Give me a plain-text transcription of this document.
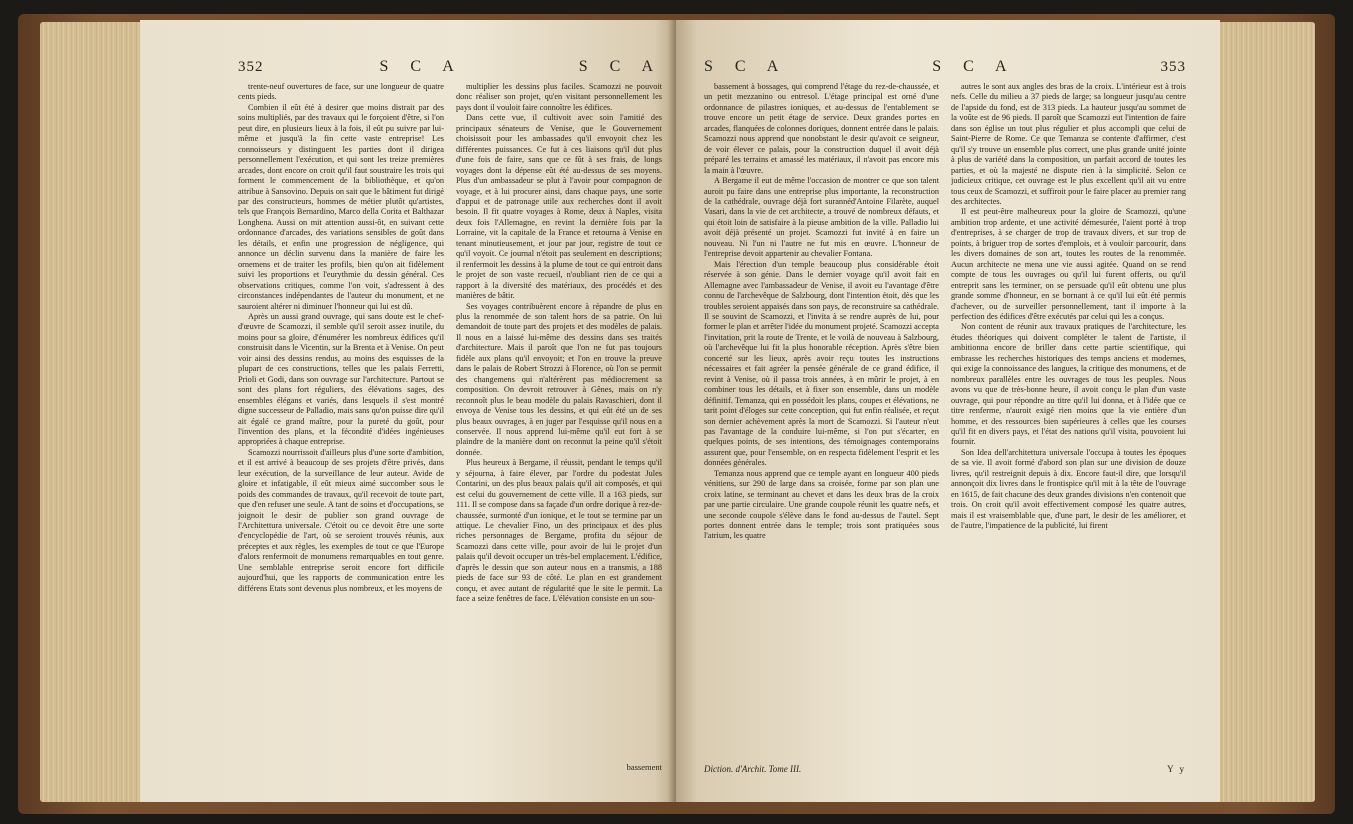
352	S C A	S C A

trente-neuf ouvertures de face, sur une longueur de quatre cents pieds.

Combien il eût été à desirer que moins distrait par des soins multipliés, par des travaux qui le forçoient d'être, si l'on peut dire, en plusieurs lieux à la fois, il eût pu suivre par lui-même et jusqu'à la fin cette vaste entreprise! Les connoisseurs y distinguent les parties dont il dirigea personnellement l'exécution, et qui sont les treize premières arcades, dont encore on croit qu'il faut soustraire les trois qui forment le commencement de la bibliothèque, et qu'on attribue à Sansovino. Depuis on sait que le bâtiment fut dirigé par des constructeurs, hommes de métier plutôt qu'artistes, tels que François Bernardino, Marco della Corita et Balthazar Longhena. Aussi on mit attention aussi-ôt, en suivant cette ordonnance d'arcades, des variations sensibles de goût dans les détails, et enfin une progression de négligence, qui annonce un déclin survenu dans la manière de faire les ornemens et de traiter les profils, bien qu'on ait fidèlement suivi les proportions et l'eurythmie du dessin général. Ces observations critiques, comme l'on voit, s'adressent à des circonstances indépendantes de l'auteur du monument, et ne sauroient altérer ni diminuer l'honneur qui lui est dû.

Après un aussi grand ouvrage, qui sans doute est le chef-d'œuvre de Scamozzi, il semble qu'il seroit assez inutile, du moins pour sa gloire, d'énumérer les nombreux édifices qu'il construisit dans le Vicentin, sur la Brenta et à Venise. On peut voir ainsi des dessins rendus, au moins des esquisses de la plupart de ces constructions, telles que les palais Ferretti, Prioli et Godi, dans son ouvrage sur l'architecture. Partout se sont des plans fort réguliers, des élévations sages, des ensembles élégans et variés, dans lesquels il s'est montré digne successeur de Palladio, mais sans qu'on puisse dire qu'il ait égalé ce grand maître, pour la pureté du goût, pour l'invention des plans, et la fécondité d'idées ingénieuses appropriées à chaque entreprise.

Scamozzi nourrissoit d'ailleurs plus d'une sorte d'ambition, et il est arrivé à beaucoup de ses projets d'être privés, dans leur exécution, de la surveillance de leur auteur. Avide de gloire et infatigable, il eût mieux aimé succomber sous le poids des commandes de travaux, qu'il recevoit de toute part, que d'en refuser une seule. A tant de soins et d'occupations, se joignoit le desir de publier son grand ouvrage de l'Architettura universale. C'étoit ou ce devoit être une sorte d'encyclopédie de l'art, où se seroient trouvés réunis, aux préceptes et aux règles, les exemples de tout ce que l'Europe d'alors renfermoit de monumens remarquables en tout genre. Une semblable entreprise seroit encore fort difficile aujourd'hui, que les rapports de communication entre les différens Etats sont devenus plus nombreux, et les moyens de

multiplier les dessins plus faciles. Scamozzi ne pouvoit donc réaliser son projet, qu'en visitant personnellement les pays dont il vouloit faire connoître les édifices.

Dans cette vue, il cultivoit avec soin l'amitié des principaux sénateurs de Venise, que le Gouvernement choisissoit pour les ambassades qu'il envoyoit chez les différentes puissances. Ce fut à ces liaisons qu'il dut plus d'une fois de faire, sans que ce fût à ses frais, de longs voyages dont la dépense eût été au-dessus de ses moyens. Plus d'un ambassadeur se plut à l'avoir pour compagnon de voyage, et à lui procurer ainsi, dans chaque pays, une sorte d'appui et de patronage utile aux recherches dont il avoit besoin. Il fit quatre voyages à Rome, deux à Naples, visita deux fois l'Allemagne, en revint la dernière fois par la Lorraine, vit la capitale de la France et retourna à Venise en tenant minutieusement, et jour par jour, registre de tout ce qu'il voyoit. Ce journal n'étoit pas seulement en descriptions; il renfermoit les dessins à la plume de tout ce qui entroit dans le projet de son vaste recueil, n'oubliant rien de ce qui a rapport à la diversité des matériaux, des procédés et des manières de bâtir.

Ses voyages contribuèrent encore à répandre de plus en plus la renommée de son talent hors de sa patrie. On lui demandoit de toute part des projets et des modèles de palais. Il nous en a laissé lui-même des dessins dans ses traités d'architecture. Mais il paroît que l'on ne fut pas toujours fidèle aux plans qu'il envoyoit; et l'on en trouve la preuve dans le palais de Robert Strozzi à Florence, où l'on se permit des changemens qui n'altérèrent pas médiocrement sa composition. On devroit retrouver à Gênes, mais on n'y reconnoît plus le beau modèle du palais Ravaschieri, dont il envoya de Venise tous les dessins, et qui eût été un de ses plus beaux ouvrages, à en juger par l'esquisse qu'il nous en a conservée. Il nous apprend lui-même qu'il eut fort à se plaindre de la manière dont on reconnut la peine qu'il s'étoit donnée.

Plus heureux à Bergame, il réussit, pendant le temps qu'il y séjourna, à faire élever, par l'ordre du podestat Jules Contarini, un des plus beaux palais qu'il ait composés, et qui est celui du gouvernement de cette ville. Il a 163 pieds, sur 111. Il se compose dans sa façade d'un ordre dorique à rez-de-chaussée, surmonté d'un ionique, et le tout se termine par un attique. Le chevalier Fino, un des principaux et des plus riches personnages de Bergame, profita du séjour de Scamozzi dans cette ville, pour avoir de lui le projet d'un palais qu'il devoit occuper un très-bel emplacement. L'édifice, d'après le dessin que son auteur nous en a transmis, a 188 pieds de face sur 93 de côté. Le plan en est grandement conçu, et avec autant de régularité que le site le permit. La face a seize fenêtres de face. L'élévation consiste en un sou-

bassement
S C A	S C A	353

bassement à bossages, qui comprend l'étage du rez-de-chaussée, et un petit mezzanino ou entresol. L'étage principal est orné d'une ordonnance de pilastres ioniques, et au-dessus de l'entablement se trouve encore un petit étage de service. Deux grandes portes en arcades, flanquées de colonnes doriques, donnent entrée dans le palais. Scamozzi nous apprend que nonobstant le desir qu'avoit ce seigneur, de voir élever ce palais, pour la construction duquel il avoit déjà préparé les terrains et amassé les matériaux, il n'avoit pas encore mis la main à l'œuvre.

A Bergame il eut de même l'occasion de montrer ce que son talent auroit pu faire dans une entreprise plus importante, la reconstruction de la cathédrale, ouvrage déjà fort surannéd'Antoine Filarète, auquel Vasari, dans la vie de cet architecte, a trouvé de nombreux défauts, et qui étoit loin de satisfaire à la pieuse ambition de la ville. Palladio lui avoit déjà présenté un projet. Scamozzi fut invité à en faire un nouveau. Ni l'un ni l'autre ne fut mis en œuvre. L'honneur de l'entreprise devoit appartenir au chevalier Fontana.

Mais l'érection d'un temple beaucoup plus considérable étoit réservée à son génie. Dans le dernier voyage qu'il avoit fait en Allemagne avec l'ambassadeur de Venise, il avoit eu l'avantage d'être connu de l'archevêque de Salzbourg, dont l'intention étoit, dès que les troubles seroient appaisés dans son pays, de reconstruire sa cathédrale. Il se souvint de Scamozzi, et l'invita à se rendre auprès de lui, pour former le plan et arrêter l'idée du monument projeté. Scamozzi accepta l'invitation, prit la route de Trente, et le voilà de nouveau à Salzbourg, où l'archevêque lui fit la plus honorable réception. Après s'être bien concerté sur les lieux, après avoir reçu toutes les instructions nécessaires et fait agréer la pensée générale de ce grand édifice, il revint à Venise, où il passa trois années, à en mûrir le projet, à en combiner tous les détails, et à fixer son ensemble, dans un modèle définitif. Temanza, qui en possédoit les plans, coupes et élévations, ne tarit point d'éloges sur cette conception, qui fut enfin réalisée, et reçut son dernier achèvement après la mort de Scamozzi. Si l'auteur n'eut pas l'avantage de la conduire lui-même, si l'on put s'écarter, en quelques points, de ses intentions, des témoignages contemporains assurent que, pour l'ensemble, on en respecta fidèlement l'esprit et les données générales.

Temanza nous apprend que ce temple ayant en longueur 400 pieds vénitiens, sur 290 de large dans sa croisée, forme par son plan une croix latine, se terminant au chevet et dans les deux bras de la croix par une partie circulaire. Une grande coupole réunit les quatre nefs, et une seconde coupole s'élève dans le fond au-dessus de l'autel. Sept portes donnent entrée dans le temple; trois sont pratiquées sous l'atrium, les quatre

autres le sont aux angles des bras de la croix. L'intérieur est à trois nefs. Celle du milieu a 37 pieds de large; sa longueur jusqu'au centre de l'apside du fond, est de 313 pieds. La hauteur jusqu'au sommet de la voûte est de 96 pieds. Il paroît que Scamozzi eut l'intention de faire dans son église un tout plus régulier et plus accompli que celui de Saint-Pierre de Rome. Ce que Temanza se contente d'affirmer, c'est qu'il s'y trouve un ensemble plus correct, une plus grande unité jointe à plus de variété dans la composition, un parfait accord de toutes les parties, et où la majesté ne dispute rien à la simplicité. Selon ce judicieux critique, cet ouvrage est le plus excellent qu'il ait vu entre tous ceux de Scamozzi, et suffiroit pour le faire placer au premier rang des architectes.

Il est peut-être malheureux pour la gloire de Scamozzi, qu'une ambition trop ardente, et une activité démesurée, l'aient porté à trop d'entreprises, à se charger de trop de travaux divers, et sur trop de points, à briguer trop de sortes d'emplois, et à vouloir parcourir, dans les divers domaines de son art, toutes les routes de la renommée. Aucun architecte ne mena une vie aussi agitée. Quand on se rend compte de tous les ouvrages ou qu'il lui furent offerts, ou qu'il entreprit sans les terminer, on se persuade qu'il eût obtenu une plus grande somme d'honneur, en se bornant à ce qu'il lui eût été permis d'achever, ou de surveiller personnellement, tant il importe à la perfection des édifices d'être exécutés par celui qui les a conçus.

Non content de réunir aux travaux pratiques de l'architecture, les études théoriques qui doivent compléter le talent de l'artiste, il ambitionna encore de briller dans cette partie scientifique, qui embrasse les recherches historiques des temps anciens et modernes, qui exige la connoissance des langues, la critique des monumens, et de nombreux parallèles entre les ouvrages de tous les peuples. Nous avons vu que de très-bonne heure, il avoit conçu le plan d'un vaste ouvrage, qui pour répondre au titre qu'il lui donna, et à l'idée que ce titre renferme, n'auroit exigé rien moins que la vie entière d'un homme, et des ressources bien supérieures à celles que les courses qu'il fit en divers pays, et l'état des nations qu'il visita, pouvoient lui fournir.

Son Idea dell'architettura universale l'occupa à toutes les époques de sa vie. Il avoit formé d'abord son plan sur une division de douze livres, qu'il restreignit depuis à dix. Encore faut-il dire, que lorsqu'il annonçoit dix livres dans le frontispice qu'il mit à la tête de l'ouvrage en 1615, de fait chacune des deux grandes divisions n'en contenoit que trois. On croit qu'il avoit effectivement composé les quatre autres, mais il est vraisemblable que, d'une part, le desir de les améliorer, et de l'autre, l'impatience de la publicité, lui firent

Diction. d'Archit. Tome III.	Y y
